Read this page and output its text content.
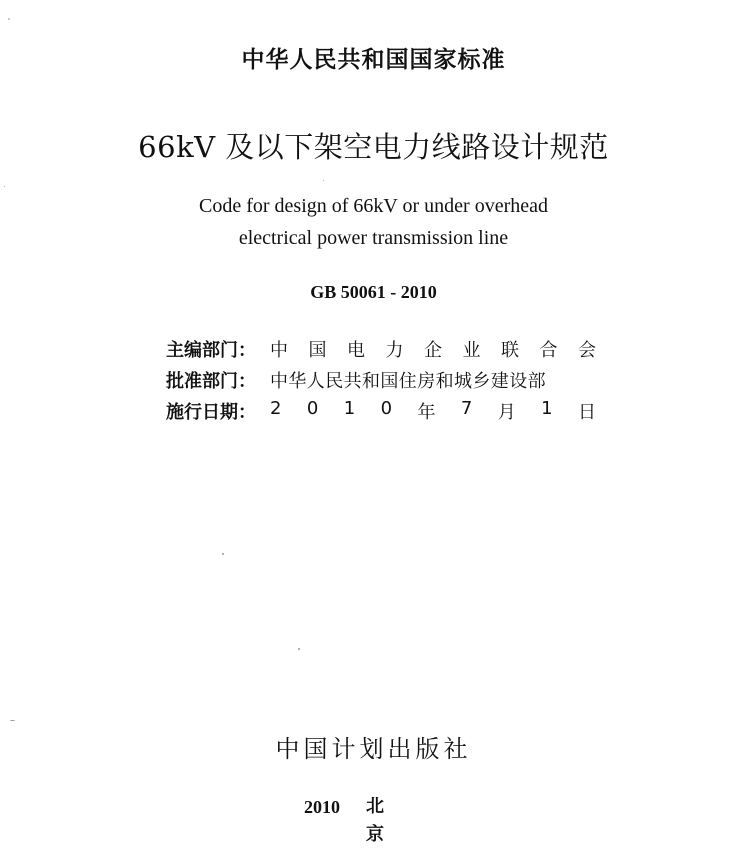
中华人民共和国国家标准
66kV 及以下架空电力线路设计规范
Code for design of 66kV or under overhead
electrical power transmission line
GB 50061 - 2010
主编部门： 中 国 电 力 企 业 联 合 会
批准部门： 中华人民共和国住房和城乡建设部
施行日期： 2 0 1 0 年 7 月 1 日
中国计划出版社
2010 北京
